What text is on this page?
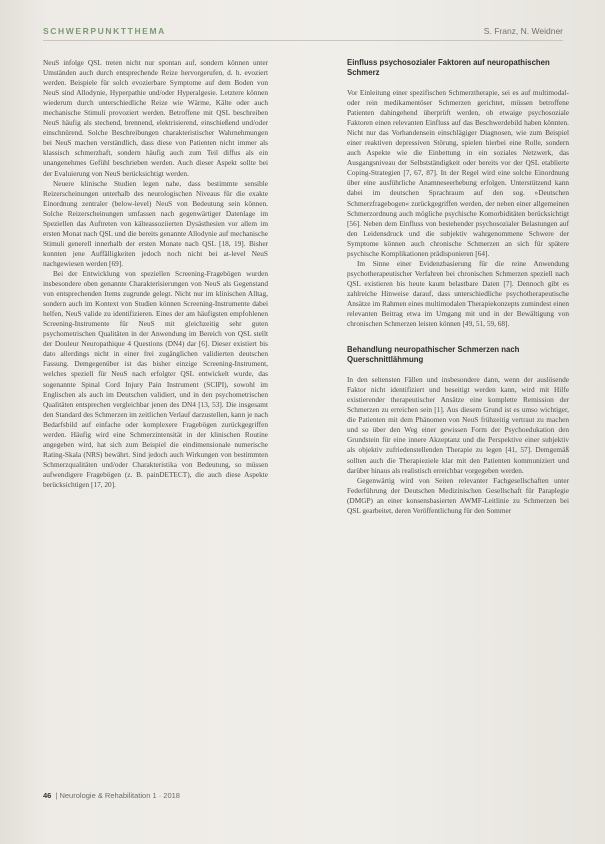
SCHWERPUNKTTHEMA	S. Franz, N. Weidner

NeuS infolge QSL treten nicht nur spontan auf, sondern können unter Umständen auch durch entsprechende Reize hervorgerufen, d. h. evoziert werden. Beispiele für solch evozierbare Symptome auf dem Boden von NeuS sind Allodynie, Hyperpathie und/oder Hyperalgesie. Letztere können wiederum durch unterschiedliche Reize wie Wärme, Kälte oder auch mechanische Stimuli provoziert werden. Betroffene mit QSL beschreiben NeuS häufig als stechend, brennend, elektrisierend, einschießend und/oder einschnürend. Solche Beschreibungen charakteristischer Wahrnehmungen bei NeuS machen verständlich, dass diese von Patienten nicht immer als klassisch schmerzhaft, sondern häufig auch zum Teil diffus als ein unangenehmes Gefühl beschrieben werden. Auch dieser Aspekt sollte bei der Evaluierung von NeuS berücksichtigt werden.

Neuere klinische Studien legen nahe, dass bestimmte sensible Reizerscheinungen unterhalb des neurologischen Niveaus für die exakte Einordnung zentraler (below-level) NeuS von Bedeutung sein können. Solche Reizerscheinungen umfassen nach gegenwärtiger Datenlage im Speziellen das Auftreten von kälteassoziierten Dysästhesien vor allem im ersten Monat nach QSL und die bereits genannte Allodynie auf mechanische Stimuli generell innerhalb der ersten Monate nach QSL [18, 19]. Bisher konnten jene Auffälligkeiten jedoch noch nicht bei at-level NeuS nachgewiesen werden [69].

Bei der Entwicklung von speziellen Screening-Fragebögen wurden insbesondere oben genannte Charakterisierungen von NeuS als Gegenstand von entsprechenden Items zugrunde gelegt. Nicht nur im klinischen Alltag, sondern auch im Kontext von Studien können Screening-Instrumente dabei helfen, NeuS valide zu identifizieren. Eines der am häufigsten empfohlenen Screening-Instrumente für NeuS mit gleichzeitig sehr guten psychometrischen Qualitäten in der Anwendung im Bereich von QSL stellt der Douleur Neuropathique 4 Questions (DN4) dar [6]. Dieser existiert bis dato allerdings nicht in einer frei zugänglichen validierten deutschen Fassung. Demgegenüber ist das bisher einzige Screening-Instrument, welches speziell für NeuS nach erfolgter QSL entwickelt wurde, das sogenannte Spinal Cord Injury Pain Instrument (SCIPI), sowohl im Englischen als auch im Deutschen validiert, und in den psychometrischen Qualitäten entsprechen vergleichbar jenen des DN4 [13, 53]. Die insgesamt den Standard des Schmerzen im zeitlichen Verlauf darzustellen, kann je nach Bedarfsbild auf einfache oder komplexere Fragebögen zurückgegriffen werden. Häufig wird eine Schmerzintensität in der klinischen Routine angegeben wird, hat sich zum Beispiel die eindimensionale numerische Rating-Skala (NRS) bewährt. Sind jedoch auch Wirkungen von bestimmten Schmerzqualitäten und/oder Charakteristika von Bedeutung, so müssen aufwendigere Fragebögen (z. B. painDETECT), die auch diese Aspekte berücksichtigen [17, 20].

Einfluss psychosozialer Faktoren auf neuropathischen Schmerz

Vor Einleitung einer spezifischen Schmerztherapie, sei es auf multimodal- oder rein medikamentöser Schmerzen gerichtet, müssen betroffene Patienten dahingehend überprüft werden, ob etwaige psychosoziale Faktoren einen relevanten Einfluss auf das Beschwerdebild haben könnten. Nicht nur das Vorhandensein einschlägiger Diagnosen, wie zum Beispiel einer reaktiven depressiven Störung, spielen hierbei eine Rolle, sondern auch Aspekte wie die Einbettung in ein soziales Netzwerk, das Ausgangsniveau der Selbstständigkeit oder bereits vor der QSL etablierte Coping-Strategien [7, 67, 87]. In der Regel wird eine solche Einordnung über eine ausführliche Anamneseerhebung erfolgen. Unterstützend kann dabei im deutschen Sprachraum auf den sog. »Deutschen Schmerzfragebogen« zurückgegriffen werden, der neben einer allgemeinen Schmerzordnung auch mögliche psychische Komorbiditäten berücksichtigt [56]. Neben dem Einfluss von bestehender psychosozialer Belastungen auf den Leidensdruck und die subjektiv wahrgenommene Schwere der Symptome können auch chronische Schmerzen an sich für spätere psychische Komplikationen prädisponieren [64].

Im Sinne einer Evidenzbasierung für die reine Anwendung psychotherapeutischer Verfahren bei chronischen Schmerzen speziell nach QSL existieren bis heute kaum belastbare Daten [7]. Dennoch gibt es zahlreiche Hinweise darauf, dass unterschiedliche psychotherapeutische Ansätze im Rahmen eines multimodalen Therapiekonzepts zumindest einen relevanten Beitrag etwa im Umgang mit und in der Bewältigung von chronischen Schmerzen leisten können [49, 51, 59, 68].

Behandlung neuropathischer Schmerzen nach Querschnittlähmung

In den seltensten Fällen und insbesondere dann, wenn der auslösende Faktor nicht identifiziert und beseitigt werden kann, wird mit Hilfe existierender therapeutischer Ansätze eine komplette Remission der Schmerzen zu erreichen sein [1]. Aus diesem Grund ist es umso wichtiger, die Patienten mit dem Phänomen von NeuS frühzeitig vertraut zu machen und so über den Weg einer gewissen Form der Psychoedukation den Grundstein für eine innere Akzeptanz und die Perspektive einer subjektiv als objektiv zufriedenstellenden Therapie zu legen [41, 57]. Demgemäß sollten auch die Therapieziele klar mit den Patienten kommuniziert und darüber hinaus als realistisch erreichbar vorgegeben werden.

Gegenwärtig wird von Seiten relevanter Fachgesellschaften unter Federführung der Deutschen Medizinischen Gesellschaft für Paraplegie (DMGP) an einer konsensbasierten AWMF-Leitlinie zu Schmerzen bei QSL gearbeitet, deren Veröffentlichung für den Sommer

46 | Neurologie & Rehabilitation 1 · 2018
